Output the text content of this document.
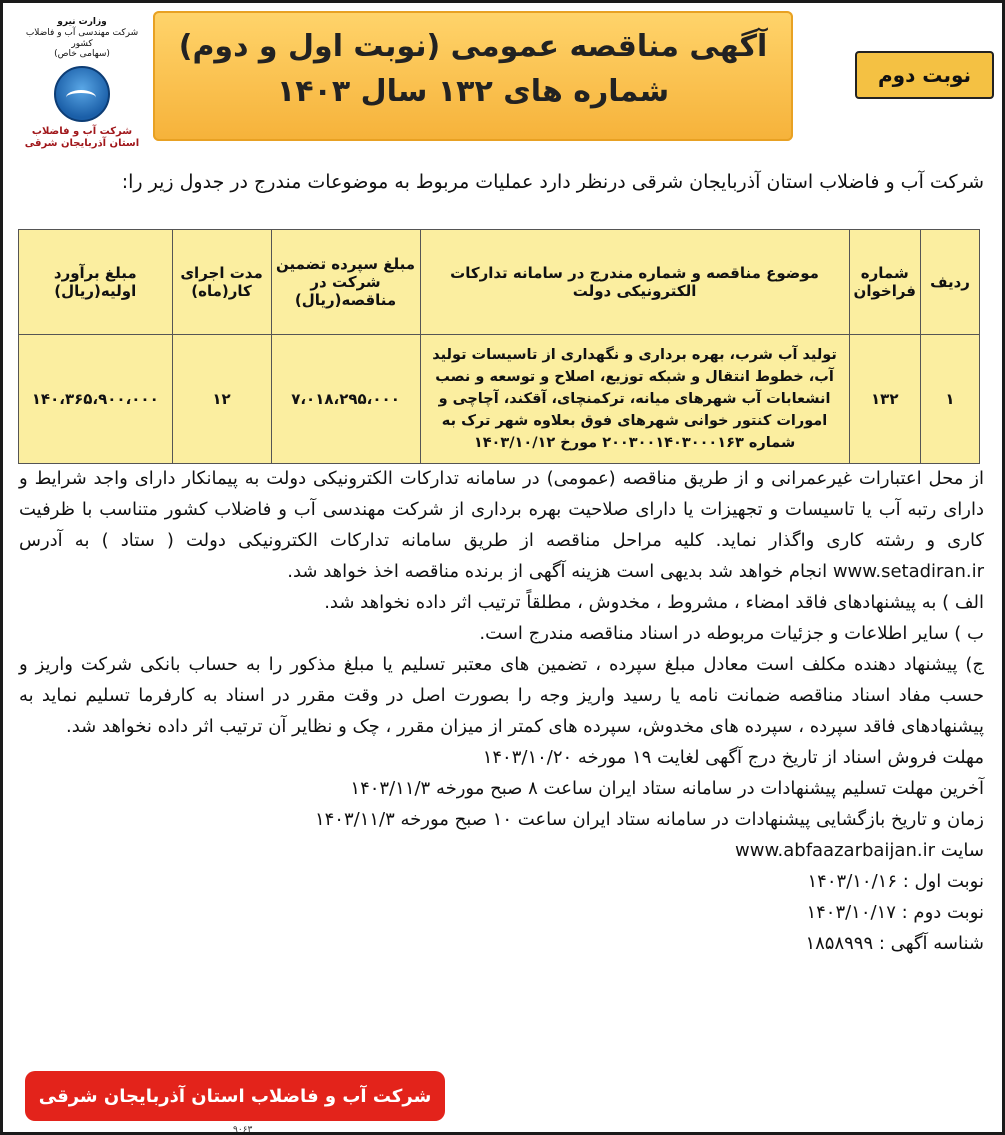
آگهی مناقصه عمومی (نوبت اول و دوم)
شماره های ۱۳۲ سال ۱۴۰۳	نوبت دوم
وزارت نیرو
شرکت مهندسی آب و فاضلاب کشور
(سهامی خاص)
شرکت آب و فاضلاب
استان آذربایجان شرقی
شرکت آب و فاضلاب استان آذربایجان شرقی درنظر دارد عملیات مربوط به موضوعات مندرج در جدول زیر را:
ردیف	شماره فراخوان	موضوع مناقصه و شماره مندرج در سامانه تدارکات الکترونیکی دولت	مبلغ سپرده تضمین شرکت در مناقصه(ریال)	مدت اجرای کار(ماه)	مبلغ برآورد اولیه(ریال)
۱	۱۳۲	تولید آب شرب، بهره برداری و نگهداری از تاسیسات تولید آب، خطوط انتقال و شبکه توزیع، اصلاح و توسعه و نصب انشعابات آب شهرهای میانه، ترکمنچای، آقکند، آچاچی و امورات کنتور خوانی شهرهای فوق بعلاوه شهر ترک به شماره ۲۰۰۳۰۰۱۴۰۳۰۰۰۱۶۳ مورخ ۱۴۰۳/۱۰/۱۲	۷،۰۱۸،۲۹۵،۰۰۰	۱۲	۱۴۰،۳۶۵،۹۰۰،۰۰۰

از محل اعتبارات غیرعمرانی و از طریق مناقصه (عمومی) در سامانه تدارکات الکترونیکی دولت به پیمانکار دارای واجد شرایط و دارای رتبه آب یا تاسیسات و تجهیزات یا دارای صلاحیت بهره برداری از شرکت مهندسی آب و فاضلاب کشور متناسب با ظرفیت کاری و رشته کاری واگذار نماید. کلیه مراحل مناقصه از طریق سامانه تدارکات الکترونیکی دولت ( ستاد ) به آدرس www.setadiran.ir انجام خواهد شد بدیهی است هزینه آگهی از برنده مناقصه اخذ خواهد شد.

الف ) به پیشنهادهای فاقد امضاء ، مشروط ، مخدوش ، مطلقاً ترتیب اثر داده نخواهد شد.

ب ) سایر اطلاعات و جزئیات مربوطه در اسناد مناقصه مندرج است.

ج) پیشنهاد دهنده مکلف است معادل مبلغ سپرده ، تضمین های معتبر تسلیم یا مبلغ مذکور را به حساب بانکی شرکت واریز و حسب مفاد اسناد مناقصه ضمانت نامه یا رسید واریز وجه را بصورت اصل در وقت مقرر در اسناد به کارفرما تسلیم نماید به پیشنهادهای فاقد سپرده ، سپرده های مخدوش، سپرده های کمتر از میزان مقرر ، چک و نظایر آن ترتیب اثر داده نخواهد شد.

مهلت فروش اسناد از تاریخ درج آگهی لغایت ۱۹ مورخه ۱۴۰۳/۱۰/۲۰

آخرین مهلت تسلیم پیشنهادات در سامانه ستاد ایران ساعت ۸ صبح مورخه ۱۴۰۳/۱۱/۳

زمان و تاریخ بازگشایی پیشنهادات در سامانه ستاد ایران ساعت ۱۰ صبح مورخه ۱۴۰۳/۱۱/۳

سایت www.abfaazarbaijan.ir

نوبت اول : ۱۴۰۳/۱۰/۱۶

نوبت دوم : ۱۴۰۳/۱۰/۱۷

شناسه آگهی : ۱۸۵۸۹۹۹

شرکت آب و فاضلاب استان آذربایجان شرقی
۹۰۶۳
